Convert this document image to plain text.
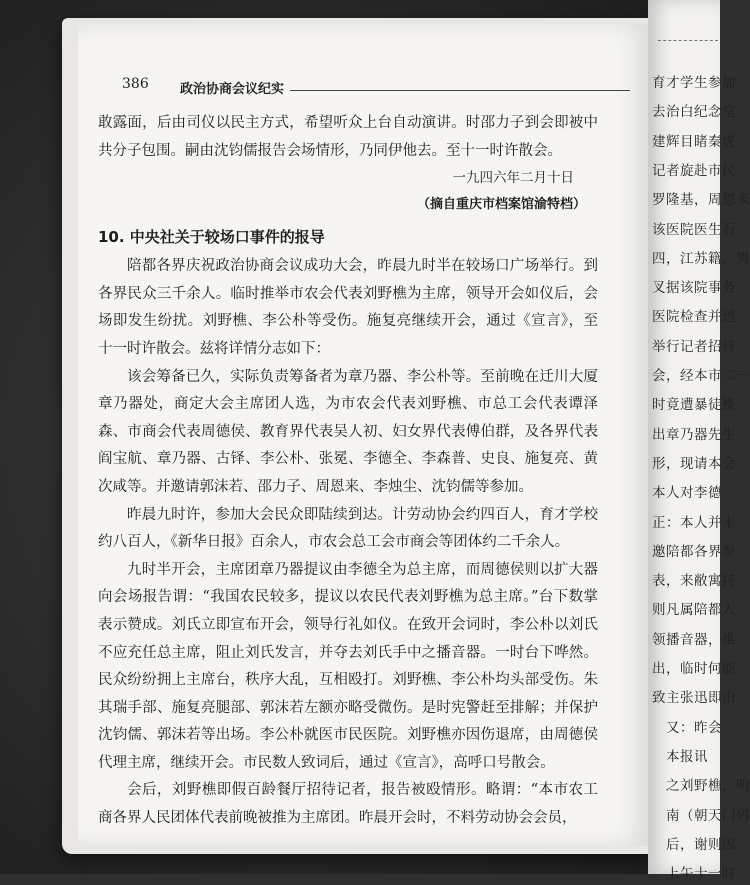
386 政治协商会议纪实

敢露面，后由司仪以民主方式，希望听众上台自动演讲。时邵力子到会即被中共分子包围。嗣由沈钧儒报告会场情形，乃同伊他去。至十一时许散会。

一九四六年二月十日

（摘自重庆市档案馆渝特档）

10. 中央社关于较场口事件的报导

陪都各界庆祝政治协商会议成功大会，昨晨九时半在较场口广场举行。到各界民众三千余人。临时推举市农会代表刘野樵为主席，领导开会如仪后，会场即发生纷扰。刘野樵、李公朴等受伤。施复亮继续开会，通过《宣言》，至十一时许散会。兹将详情分志如下：

该会筹备已久，实际负责筹备者为章乃器、李公朴等。至前晚在迁川大厦章乃器处，商定大会主席团人选，为市农会代表刘野樵、市总工会代表谭泽森、市商会代表周德侯、教育界代表吴人初、妇女界代表傅伯群，及各界代表阎宝航、章乃器、古铎、李公朴、张冕、李德全、李森普、史良、施复亮、黄次咸等。并邀请郭沫若、邵力子、周恩来、李烛尘、沈钧儒等参加。

昨晨九时许，参加大会民众即陆续到达。计劳动协会约四百人，育才学校约八百人，《新华日报》百余人，市农会总工会市商会等团体约二千余人。

九时半开会，主席团章乃器提议由李德全为总主席，而周德侯则以扩大器向会场报告谓：“我国农民较多，提议以农民代表刘野樵为总主席。”台下数掌表示赞成。刘氏立即宣布开会，领导行礼如仪。在致开会词时，李公朴以刘氏不应充任总主席，阻止刘氏发言，并夺去刘氏手中之播音器。一时台下哗然。民众纷纷拥上主席台，秩序大乱，互相殴打。刘野樵、李公朴均头部受伤。朱其瑞手部、施复亮腿部、郭沫若左额亦略受微伤。是时宪警赶至排解；并保护沈钧儒、郭沫若等出场。李公朴就医市民医院。刘野樵亦因伤退席，由周德侯代理主席，继续开会。市民数人致词后，通过《宣言》，高呼口号散会。

会后，刘野樵即假百龄餐厅招待记者，报告被殴情形。略谓：“本市农工商各界人民团体代表前晚被推为主席团。昨晨开会时，不料劳动协会会员，

育才学生参加
去治白纪念堂
建辉目睹秦虎
记者旋赴市民
罗隆基，周恩来
该医院医生石
四，江苏籍，男
叉据该院事务
医院检查并透
举行记者招待
会，经本市二一
时竟遭暴徒操
出章乃器先生
形，现请本会
本人对李德
正：本人并未
邀陪都各界参
表，来敝寓持
则凡属陪都人
领播音器，推
出，临时何能
致主张迅即由
又：昨会
本报讯
之刘野樵，明
南（朝天门码
后，谢则因
上午十一时
